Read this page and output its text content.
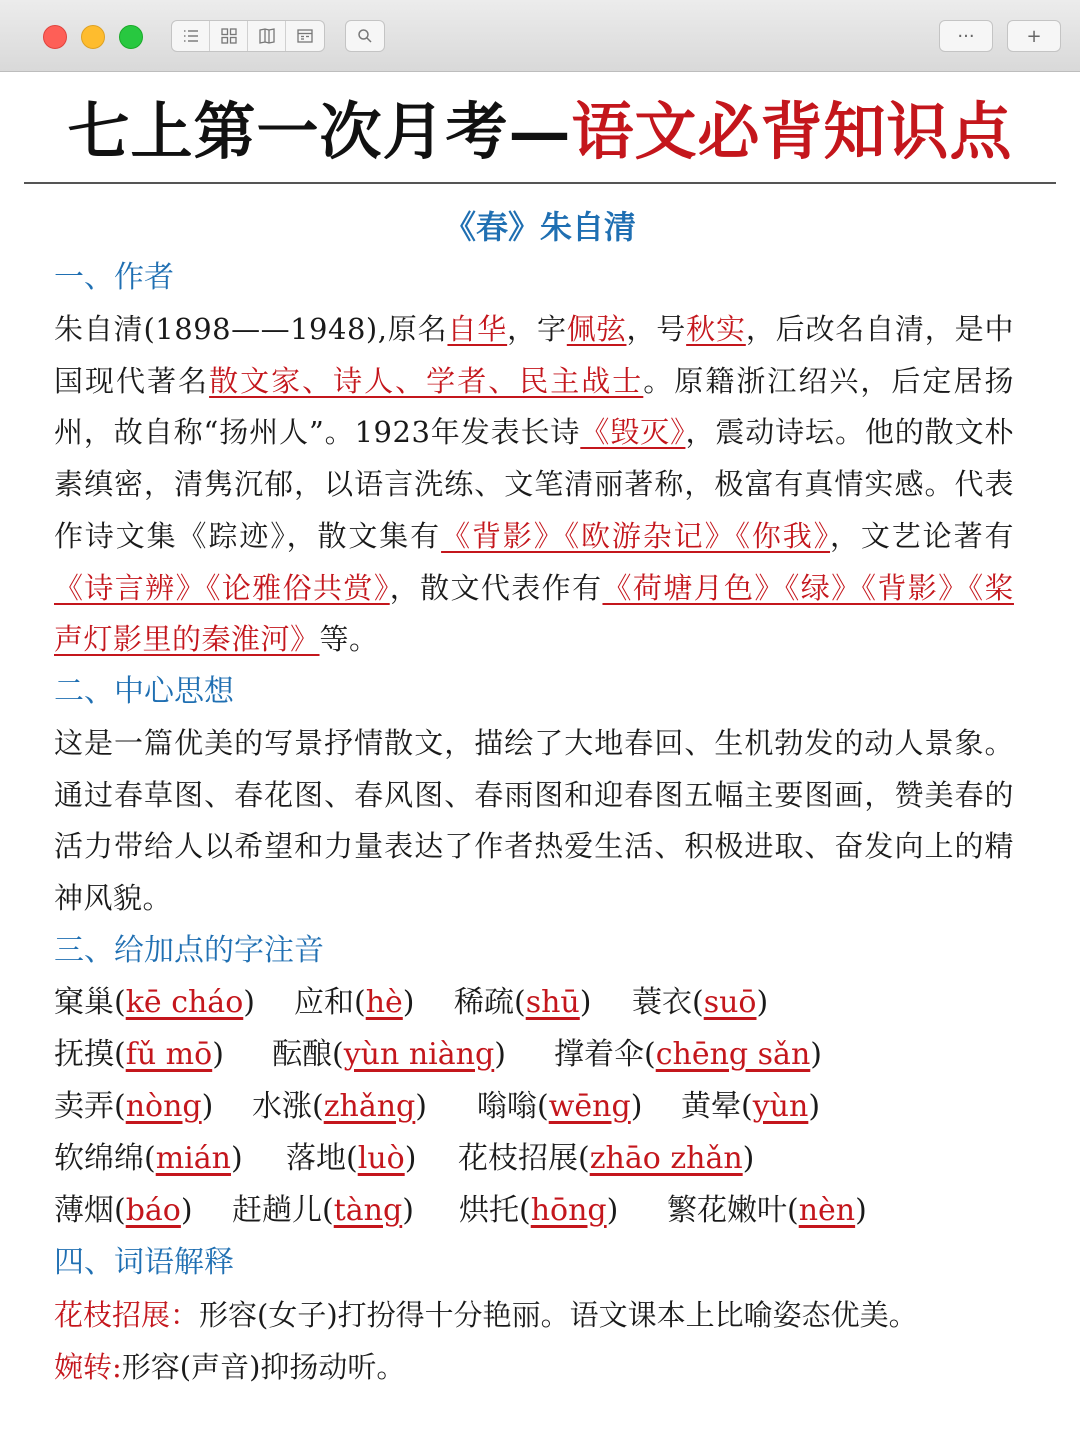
···	+
七上第一次月考—语文必背知识点
《春》朱自清
一、作者
朱自清(1898——1948),原名自华，字佩弦，号秋实，后改名自清，是中国现代著名散文家、诗人、学者、民主战士。原籍浙江绍兴，后定居扬州，故自称“扬州人”。1923年发表长诗《毁灭》，震动诗坛。他的散文朴素缜密，清隽沉郁，以语言洗练、文笔清丽著称，极富有真情实感。代表作诗文集《踪迹》，散文集有《背影》《欧游杂记》《你我》，文艺论著有《诗言辨》《论雅俗共赏》，散文代表作有《荷塘月色》《绿》《背影》《桨声灯影里的秦淮河》等。
二、中心思想
这是一篇优美的写景抒情散文，描绘了大地春回、生机勃发的动人景象。通过春草图、春花图、春风图、春雨图和迎春图五幅主要图画，赞美春的活力带给人以希望和力量表达了作者热爱生活、积极进取、奋发向上的精神风貌。
三、给加点的字注音
窠巢(kē cháo) 应和(hè) 稀疏(shū) 蓑衣(suō)
抚摸(fǔ mō) 酝酿(yùn niàng) 撑着伞(chēng sǎn)
卖弄(nòng) 水涨(zhǎng) 嗡嗡(wēng) 黄晕(yùn)
软绵绵(mián) 落地(luò) 花枝招展(zhāo zhǎn)
薄烟(báo) 赶趟儿(tàng) 烘托(hōng) 繁花嫩叶(nèn)
四、词语解释
花枝招展：形容(女子)打扮得十分艳丽。语文课本上比喻姿态优美。
婉转:形容(声音)抑扬动听。
